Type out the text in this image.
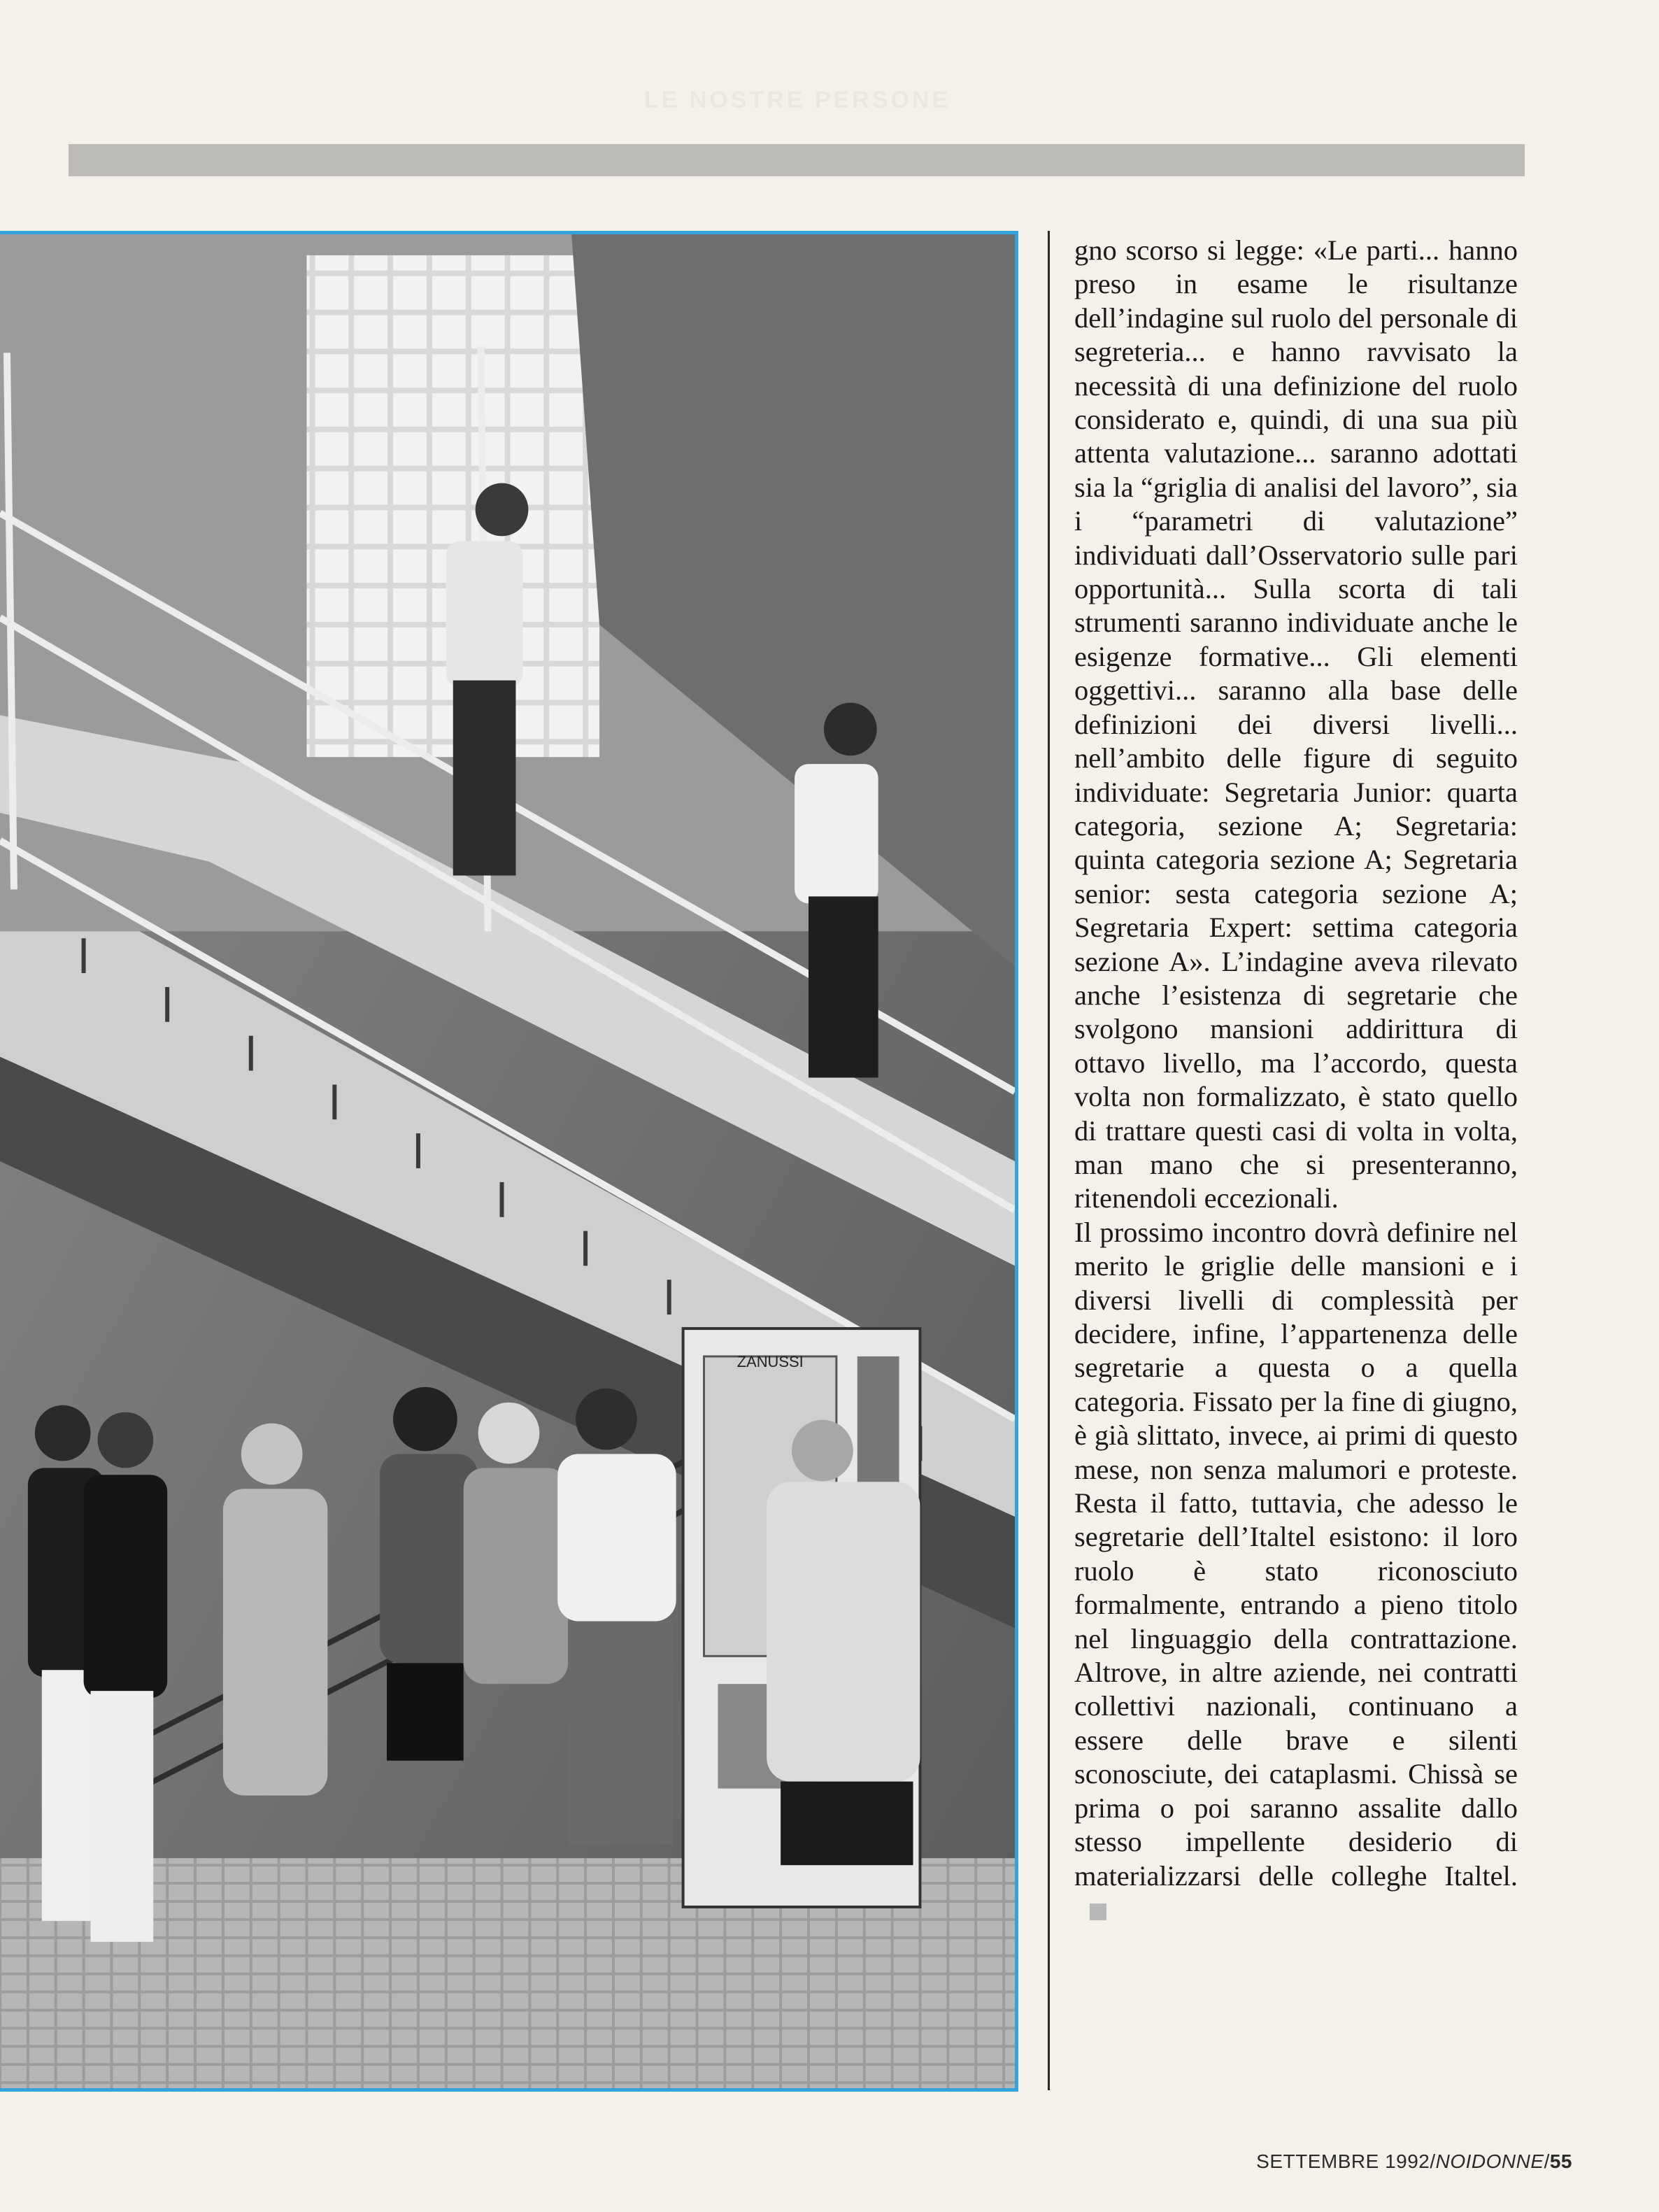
LE NOSTRE PERSONE
ZANUSSI

gno scorso si legge: «Le parti... hanno preso in esame le risultanze dell’indagine sul ruolo del personale di segreteria... e hanno ravvisato la necessità di una definizione del ruolo considerato e, quindi, di una sua più attenta valutazione... saranno adottati sia la “griglia di analisi del lavoro”, sia i “parametri di valutazione” individuati dall’Osservatorio sulle pari opportunità... Sulla scorta di tali strumenti saranno individuate anche le esigenze formative... Gli elementi oggettivi... saranno alla base delle definizioni dei diversi livelli... nell’ambito delle figure di seguito individuate: Segretaria Junior: quarta categoria, sezione A; Segretaria: quinta categoria sezione A; Segretaria senior: sesta categoria sezione A; Segretaria Expert: settima categoria sezione A». L’indagine aveva rilevato anche l’esistenza di segretarie che svolgono mansioni addirittura di ottavo livello, ma l’accordo, questa volta non formalizzato, è stato quello di trattare questi casi di volta in volta, man mano che si presenteranno, ritenendoli eccezionali.

Il prossimo incontro dovrà definire nel merito le griglie delle mansioni e i diversi livelli di complessità per decidere, infine, l’appartenenza delle segretarie a questa o a quella categoria. Fissato per la fine di giugno, è già slittato, invece, ai primi di questo mese, non senza malumori e proteste. Resta il fatto, tuttavia, che adesso le segretarie dell’Italtel esistono: il loro ruolo è stato riconosciuto formalmente, entrando a pieno titolo nel linguaggio della contrattazione. Altrove, in altre aziende, nei contratti collettivi nazionali, continuano a essere delle brave e silenti sconosciute, dei cataplasmi. Chissà se prima o poi saranno assalite dallo stesso impellente desiderio di materializzarsi delle colleghe Italtel.

SETTEMBRE 1992/NOIDONNE/55
